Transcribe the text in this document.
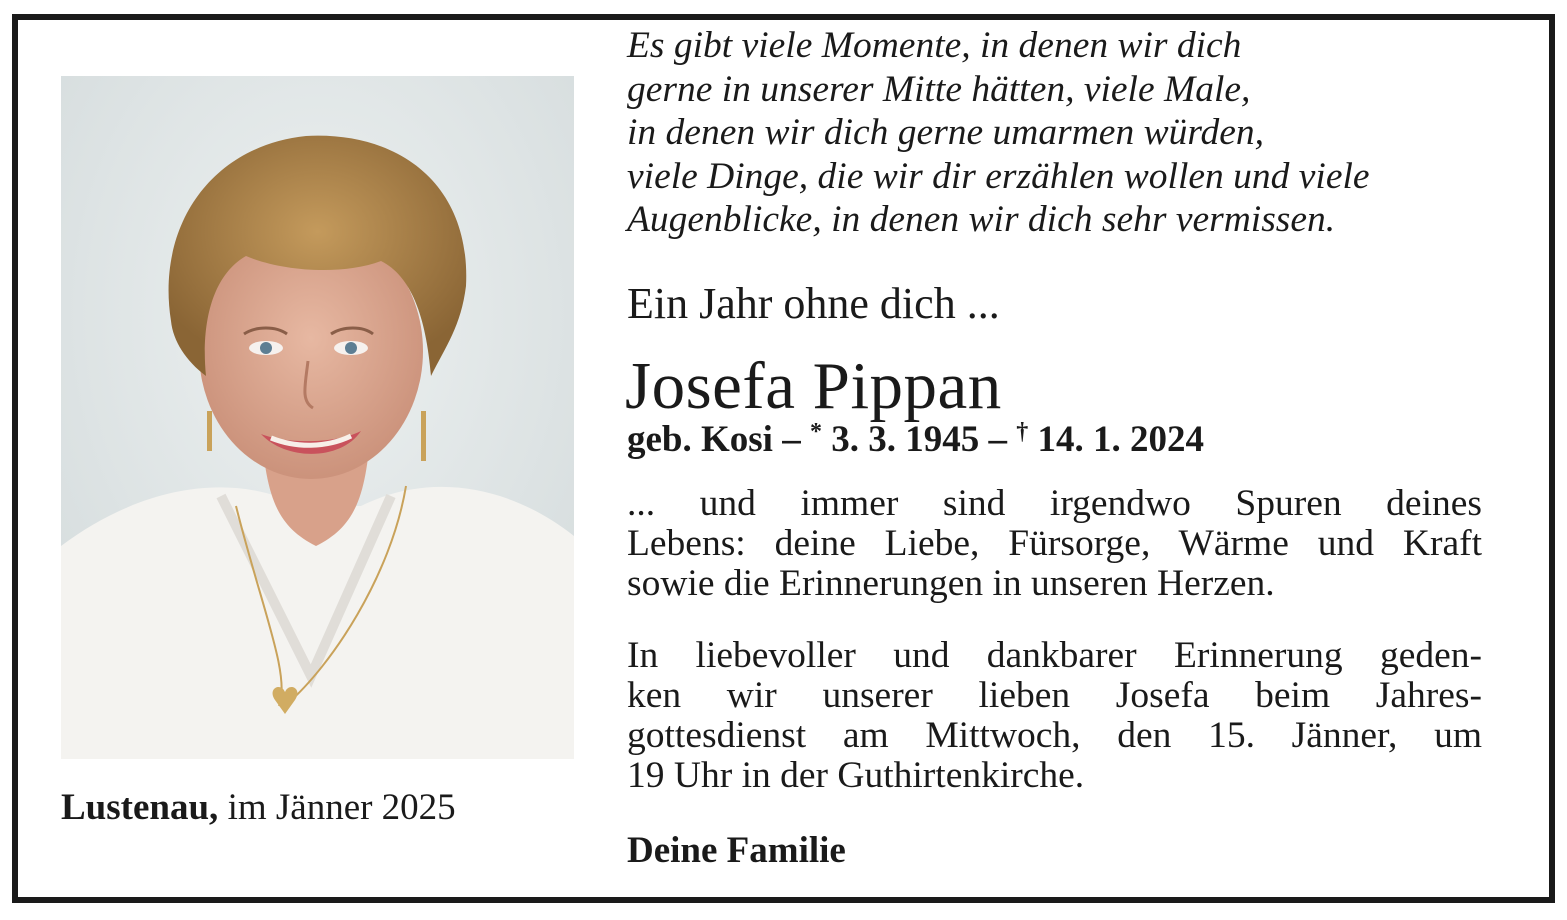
Lustenau, im Jänner 2025
Es gibt viele Momente, in denen wir dich
gerne in unserer Mitte hätten, viele Male,
in denen wir dich gerne umarmen würden,
viele Dinge, die wir dir erzählen wollen und viele
Augenblicke, in denen wir dich sehr vermissen.
Ein Jahr ohne dich ...
Josefa Pippan
geb. Kosi – * 3. 3. 1945 – † 14. 1. 2024
... und immer sind irgendwo Spuren deines
Lebens: deine Liebe, Fürsorge, Wärme und Kraft
sowie die Erinnerungen in unseren Herzen.
In liebevoller und dankbarer Erinnerung geden-
ken wir unserer lieben Josefa beim Jahres-
gottesdienst am Mittwoch, den 15. Jänner, um
19 Uhr in der Guthirtenkirche.
Deine Familie
